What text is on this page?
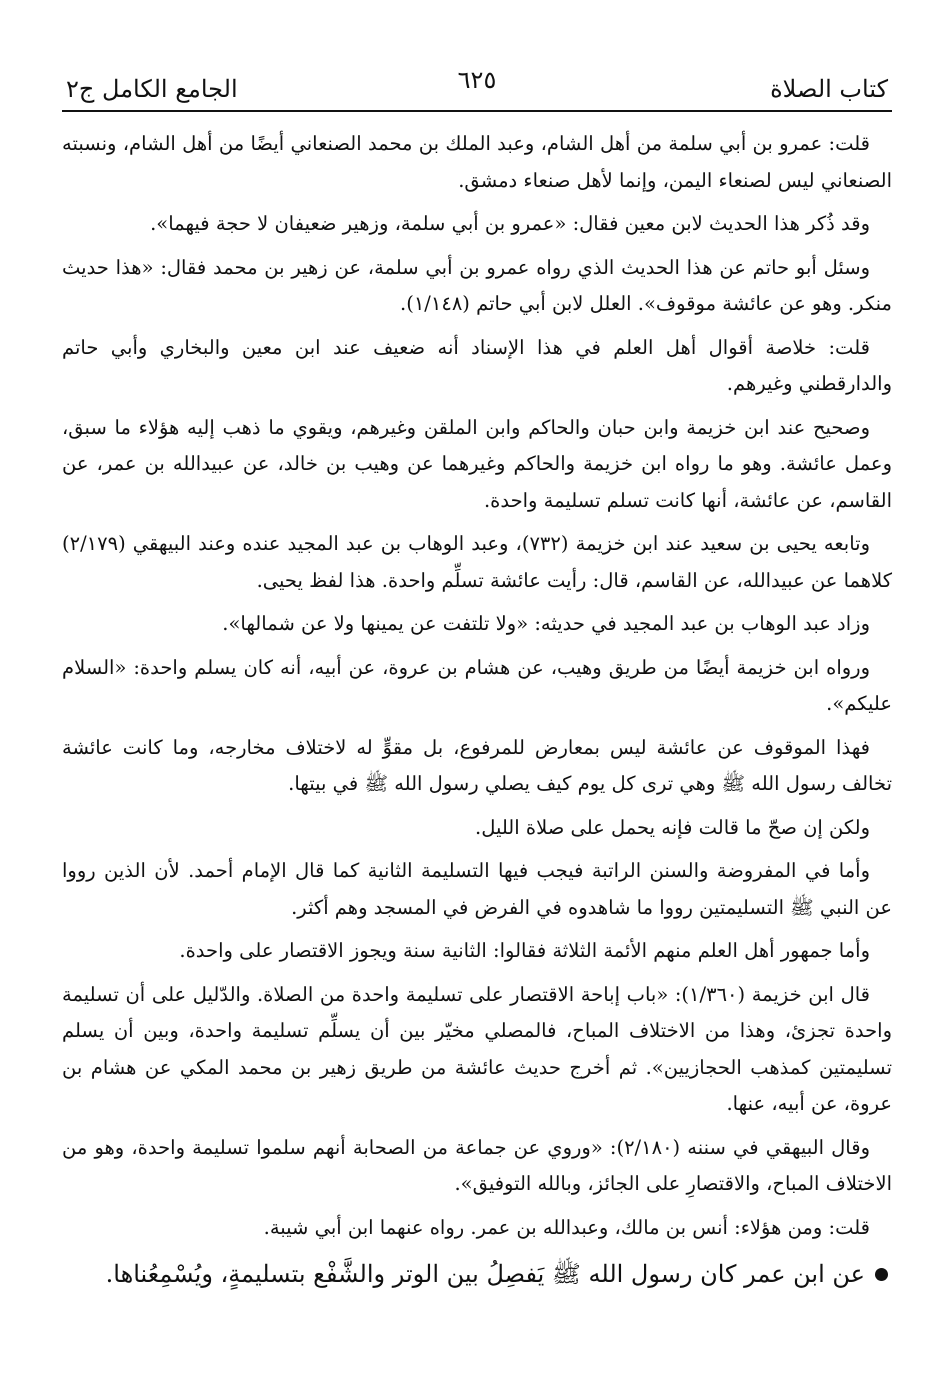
كتاب الصلاة
الجامع الكامل ج٢	٦٢٥

قلت: عمرو بن أبي سلمة من أهل الشام، وعبد الملك بن محمد الصنعاني أيضًا من أهل الشام، ونسبته الصنعاني ليس لصنعاء اليمن، وإنما لأهل صنعاء دمشق.

وقد ذُكر هذا الحديث لابن معين فقال: «عمرو بن أبي سلمة، وزهير ضعيفان لا حجة فيهما».

وسئل أبو حاتم عن هذا الحديث الذي رواه عمرو بن أبي سلمة، عن زهير بن محمد فقال: «هذا حديث منكر. وهو عن عائشة موقوف». العلل لابن أبي حاتم (١/١٤٨).

قلت: خلاصة أقوال أهل العلم في هذا الإسناد أنه ضعيف عند ابن معين والبخاري وأبي حاتم والدارقطني وغيرهم.

وصحيح عند ابن خزيمة وابن حبان والحاكم وابن الملقن وغيرهم، ويقوي ما ذهب إليه هؤلاء ما سبق، وعمل عائشة. وهو ما رواه ابن خزيمة والحاكم وغيرهما عن وهيب بن خالد، عن عبيدالله بن عمر، عن القاسم، عن عائشة، أنها كانت تسلم تسليمة واحدة.

وتابعه يحيى بن سعيد عند ابن خزيمة (٧٣٢)، وعبد الوهاب بن عبد المجيد عنده وعند البيهقي (٢/١٧٩) كلاهما عن عبيدالله، عن القاسم، قال: رأيت عائشة تسلِّم واحدة. هذا لفظ يحيى.

وزاد عبد الوهاب بن عبد المجيد في حديثه: «ولا تلتفت عن يمينها ولا عن شمالها».

ورواه ابن خزيمة أيضًا من طريق وهيب، عن هشام بن عروة، عن أبيه، أنه كان يسلم واحدة: «السلام عليكم».

فهذا الموقوف عن عائشة ليس بمعارض للمرفوع، بل مقوٍّ له لاختلاف مخارجه، وما كانت عائشة تخالف رسول الله ﷺ وهي ترى كل يوم كيف يصلي رسول الله ﷺ في بيتها.

ولكن إن صحّ ما قالت فإنه يحمل على صلاة الليل.

وأما في المفروضة والسنن الراتبة فيجب فيها التسليمة الثانية كما قال الإمام أحمد. لأن الذين رووا عن النبي ﷺ التسليمتين رووا ما شاهدوه في الفرض في المسجد وهم أكثر.

وأما جمهور أهل العلم منهم الأئمة الثلاثة فقالوا: الثانية سنة ويجوز الاقتصار على واحدة.

قال ابن خزيمة (١/٣٦٠): «باب إباحة الاقتصار على تسليمة واحدة من الصلاة. والدّليل على أن تسليمة واحدة تجزئ، وهذا من الاختلاف المباح، فالمصلي مخيّر بين أن يسلِّم تسليمة واحدة، وبين أن يسلم تسليمتين كمذهب الحجازيين». ثم أخرج حديث عائشة من طريق زهير بن محمد المكي عن هشام بن عروة، عن أبيه، عنها.

وقال البيهقي في سننه (٢/١٨٠): «وروي عن جماعة من الصحابة أنهم سلموا تسليمة واحدة، وهو من الاختلاف المباح، والاقتصارِ على الجائز، وبالله التوفيق».

قلت: ومن هؤلاء: أنس بن مالك، وعبدالله بن عمر. رواه عنهما ابن أبي شيبة.

عن ابن عمر كان رسول الله ﷺ يَفصِلُ بين الوتر والشَّفْع بتسليمةٍ، ويُسْمِعُناها.
